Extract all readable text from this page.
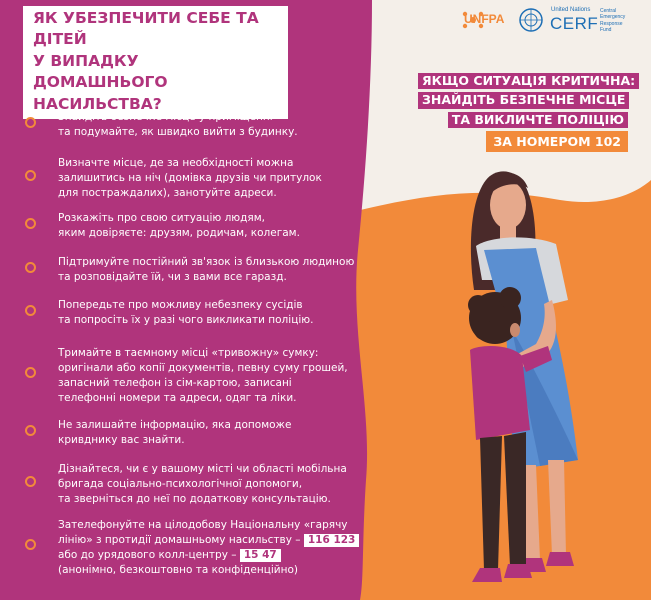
ЯК УБЕЗПЕЧИТИ СЕБЕ ТА ДІТЕЙ
У ВИПАДКУ ДОМАШНЬОГО
НАСИЛЬСТВА?
UNFPA
United Nations
CERF
Central
Emergency
Response
Fund
ЯКЩО СИТУАЦІЯ КРИТИЧНА:
ЗНАЙДІТЬ БЕЗПЕЧНЕ МІСЦЕ
ТА ВИКЛИЧТЕ ПОЛІЦІЮ
ЗА НОМЕРОМ 102
Знайдіть безпечне місце у приміщенні
та подумайте, як швидко вийти з будинку.
Визначте місце, де за необхідності можна
залишитись на ніч (домівка друзів чи притулок
для постраждалих), занотуйте адреси.
Розкажіть про свою ситуацію людям,
яким довіряєте: друзям, родичам, колегам.
Підтримуйте постійний зв'язок із близькою людиною
та розповідайте їй, чи з вами все гаразд.
Попередьте про можливу небезпеку сусідів
та попросіть їх у разі чого викликати поліцію.
Тримайте в таємному місці «тривожну» сумку:
оригінали або копії документів, певну суму грошей,
запасний телефон із сім-картою, записані
телефонні номери та адреси, одяг та ліки.
Не залишайте інформацію, яка допоможе
кривднику вас знайти.
Дізнайтеся, чи є у вашому місті чи області мобільна
бригада соціально-психологічної допомоги,
та зверніться до неї по додаткову консультацію.
Зателефонуйте на цілодобову Національну «гарячу
лінію» з протидії домашньому насильству – 116 123
або до урядового колл-центру – 15 47
(анонімно, безкоштовно та конфіденційно)
